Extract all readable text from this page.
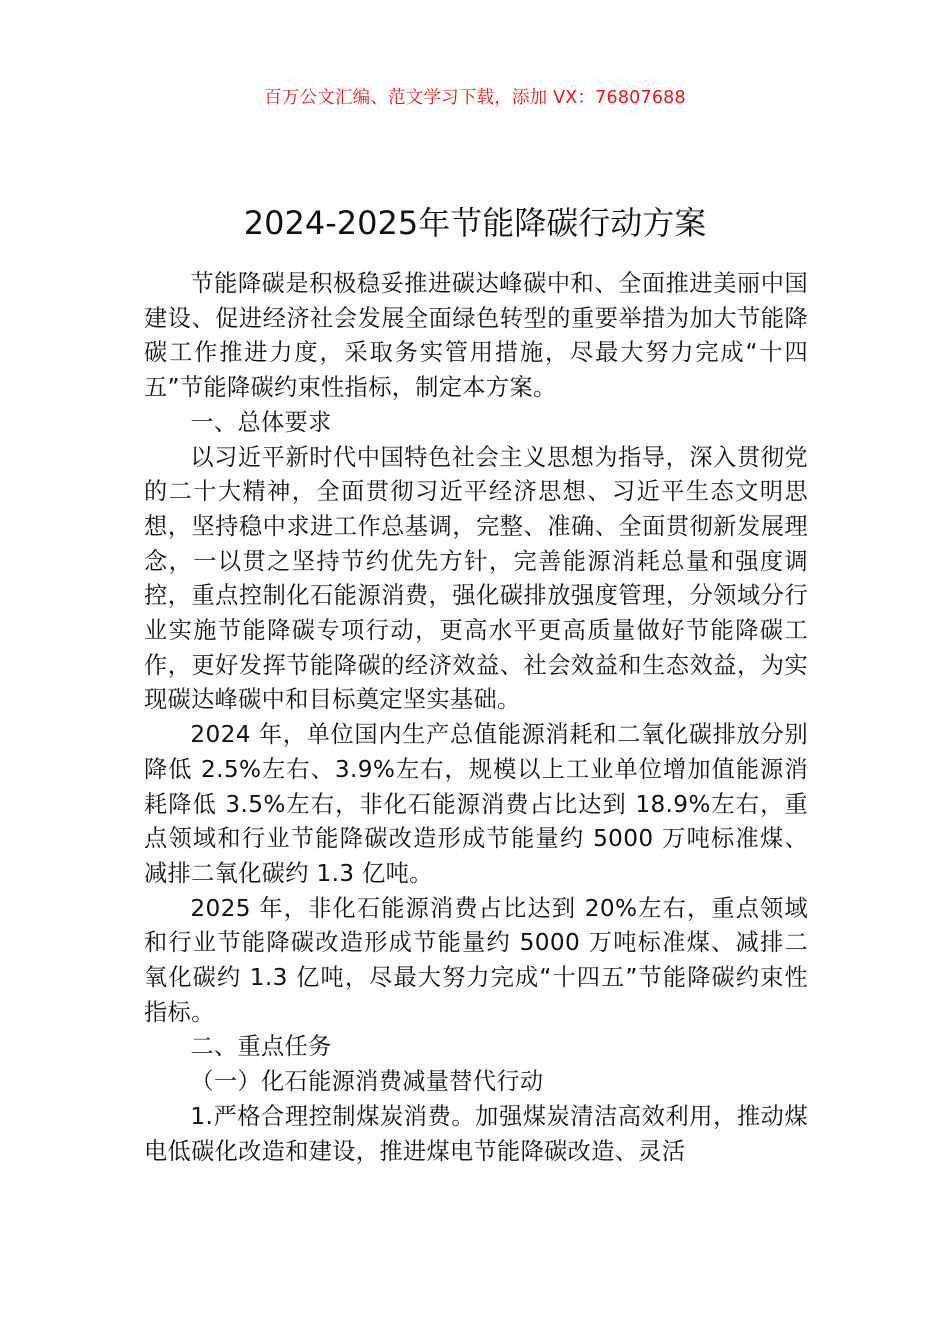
百万公文汇编、范文学习下载，添加 VX：76807688
2024-2025年节能降碳行动方案

节能降碳是积极稳妥推进碳达峰碳中和、全面推进美丽中国建设、促进经济社会发展全面绿色转型的重要举措为加大节能降碳工作推进力度，采取务实管用措施，尽最大努力完成“十四五”节能降碳约束性指标，制定本方案。

一、总体要求

以习近平新时代中国特色社会主义思想为指导，深入贯彻党的二十大精神，全面贯彻习近平经济思想、习近平生态文明思想，坚持稳中求进工作总基调，完整、准确、全面贯彻新发展理念，一以贯之坚持节约优先方针，完善能源消耗总量和强度调控，重点控制化石能源消费，强化碳排放强度管理，分领域分行业实施节能降碳专项行动，更高水平更高质量做好节能降碳工作，更好发挥节能降碳的经济效益、社会效益和生态效益，为实现碳达峰碳中和目标奠定坚实基础。

2024 年，单位国内生产总值能源消耗和二氧化碳排放分别降低 2.5%左右、3.9%左右，规模以上工业单位增加值能源消耗降低 3.5%左右，非化石能源消费占比达到 18.9%左右，重点领域和行业节能降碳改造形成节能量约 5000 万吨标准煤、减排二氧化碳约 1.3 亿吨。

2025 年，非化石能源消费占比达到 20%左右，重点领域和行业节能降碳改造形成节能量约 5000 万吨标准煤、减排二氧化碳约 1.3 亿吨，尽最大努力完成“十四五”节能降碳约束性指标。

二、重点任务

（一）化石能源消费减量替代行动

1.严格合理控制煤炭消费。加强煤炭清洁高效利用，推动煤电低碳化改造和建设，推进煤电节能降碳改造、灵活
